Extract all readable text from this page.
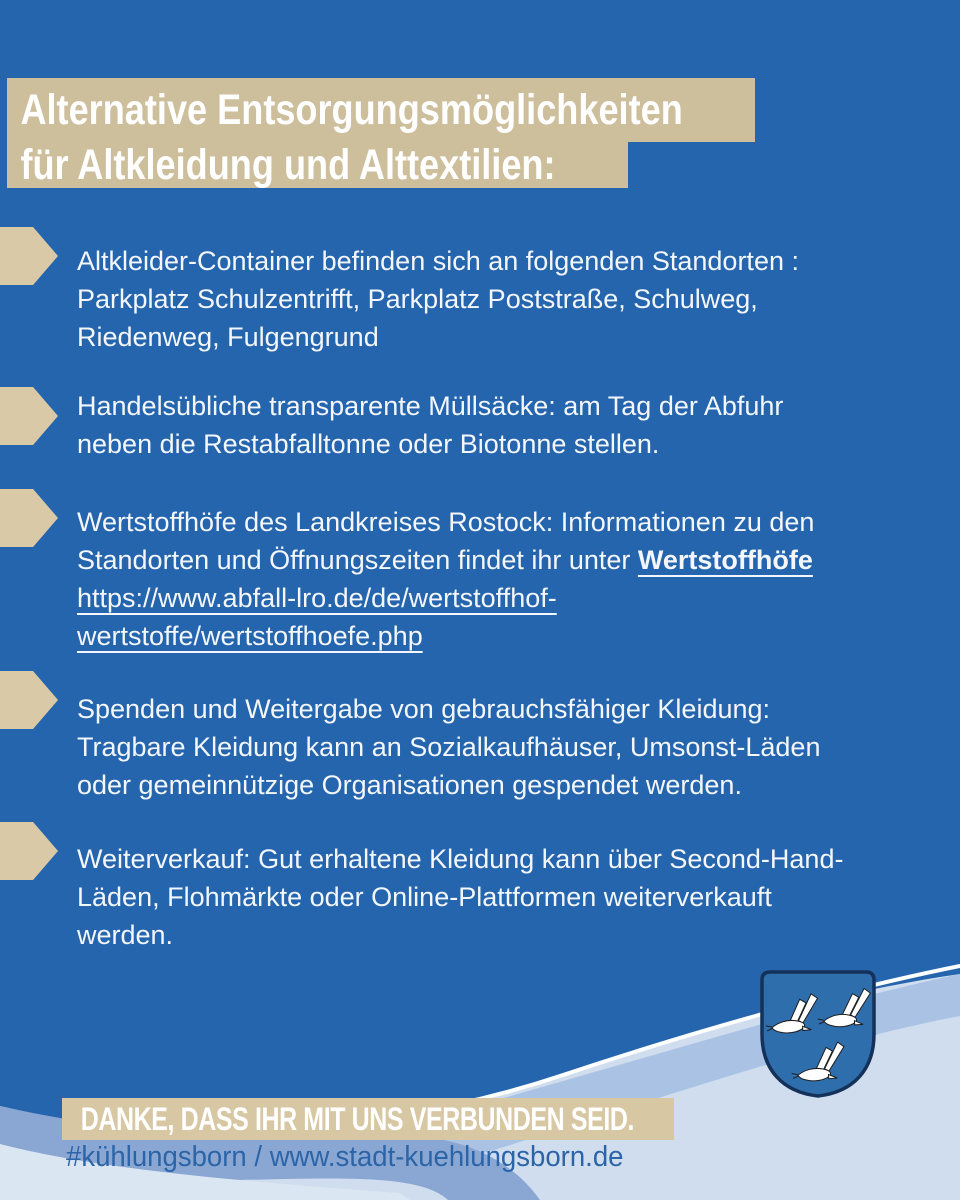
Alternative Entsorgungsmöglichkeiten
für Altkleidung und Alttextilien:
Altkleider-Container befinden sich an folgenden Standorten :
Parkplatz Schulzentrifft, Parkplatz Poststraße, Schulweg,
Riedenweg, Fulgengrund
Handelsübliche transparente Müllsäcke: am Tag der Abfuhr
neben die Restabfalltonne oder Biotonne stellen.
Wertstoffhöfe des Landkreises Rostock: Informationen zu den
Standorten und Öffnungszeiten findet ihr unter Wertstoffhöfe
https://www.abfall-lro.de/de/wertstoffhof-
wertstoffe/wertstoffhoefe.php
Spenden und Weitergabe von gebrauchsfähiger Kleidung:
Tragbare Kleidung kann an Sozialkaufhäuser, Umsonst-Läden
oder gemeinnützige Organisationen gespendet werden.
Weiterverkauf: Gut erhaltene Kleidung kann über Second-Hand-
Läden, Flohmärkte oder Online-Plattformen weiterverkauft
werden.
DANKE, DASS IHR MIT UNS VERBUNDEN SEID.
#kühlungsborn / www.stadt-kuehlungsborn.de
